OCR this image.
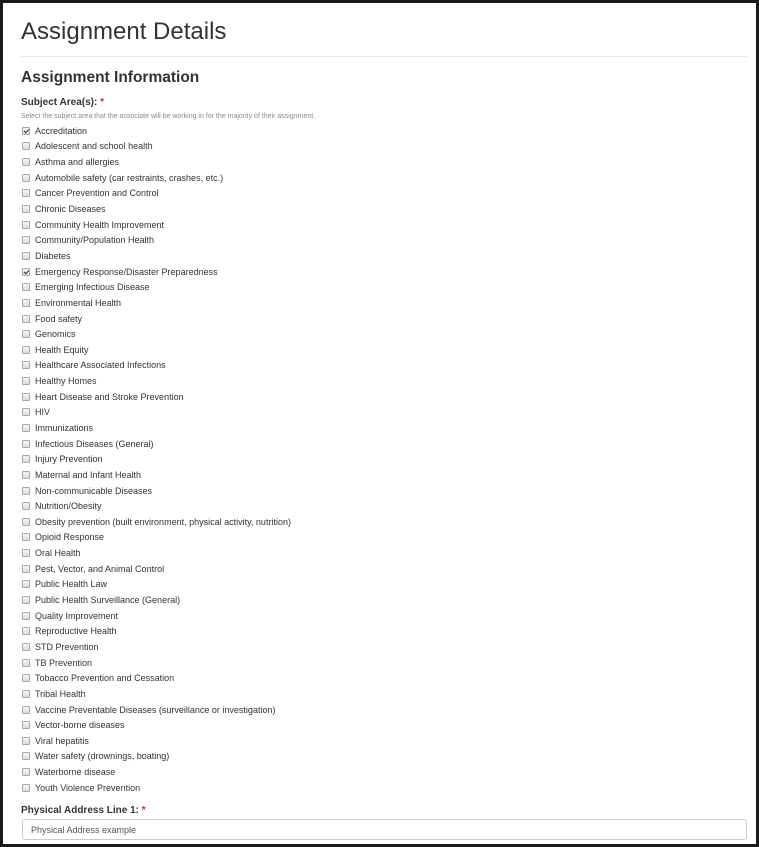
Assignment Details
Assignment Information
Subject Area(s): *
Select the subject area that the associate will be working in for the majority of their assignment.
Accreditation
Adolescent and school health
Asthma and allergies
Automobile safety (car restraints, crashes, etc.)
Cancer Prevention and Control
Chronic Diseases
Community Health Improvement
Community/Population Health
Diabetes
Emergency Response/Disaster Preparedness
Emerging Infectious Disease
Environmental Health
Food safety
Genomics
Health Equity
Healthcare Associated Infections
Healthy Homes
Heart Disease and Stroke Prevention
HIV
Immunizations
Infectious Diseases (General)
Injury Prevention
Maternal and Infant Health
Non-communicable Diseases
Nutrition/Obesity
Obesity prevention (built environment, physical activity, nutrition)
Opioid Response
Oral Health
Pest, Vector, and Animal Control
Public Health Law
Public Health Surveillance (General)
Quality Improvement
Reproductive Health
STD Prevention
TB Prevention
Tobacco Prevention and Cessation
Tribal Health
Vaccine Preventable Diseases (surveillance or investigation)
Vector-borne diseases
Viral hepatitis
Water safety (drownings, boating)
Waterborne disease
Youth Violence Prevention
Physical Address Line 1: *
Physical Address example
